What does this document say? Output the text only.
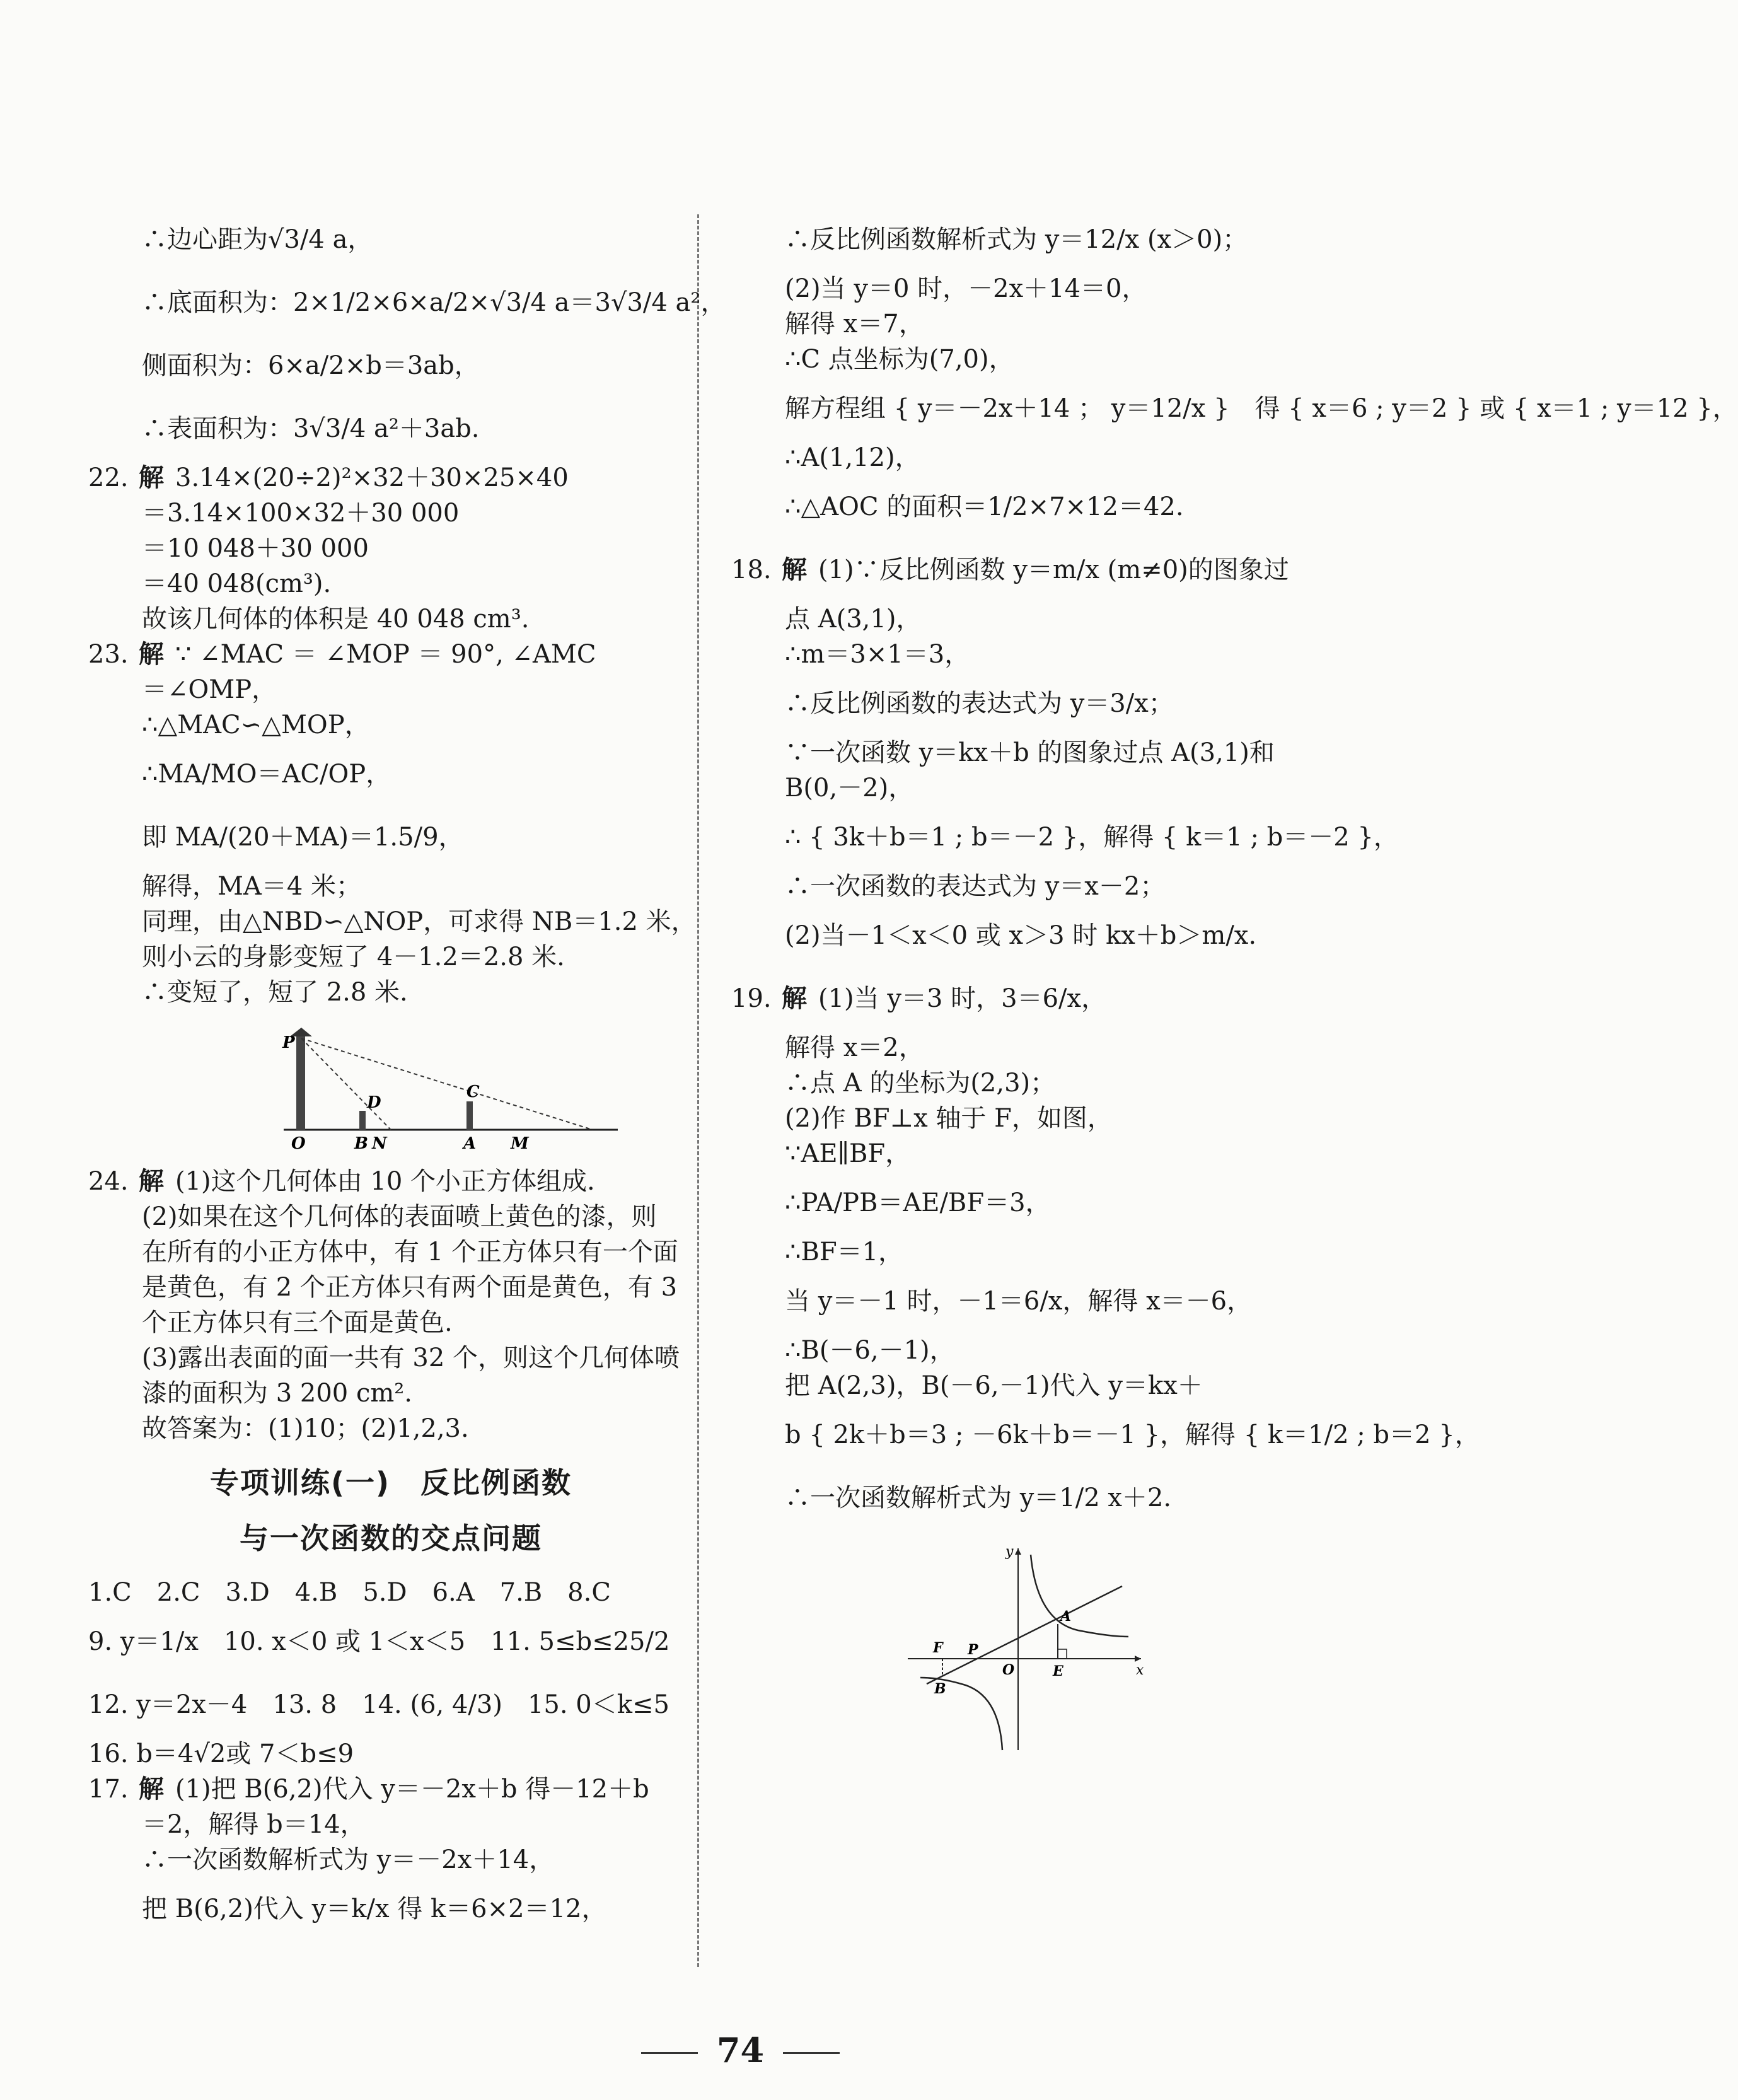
∴边心距为√3/4 a，
∴底面积为：2×1/2×6×a/2×√3/4 a＝3√3/4 a²，
侧面积为：6×a/2×b＝3ab，
∴表面积为：3√3/4 a²＋3ab.
22. 解 3.14×(20÷2)²×32＋30×25×40
＝3.14×100×32＋30 000
＝10 048＋30 000
＝40 048(cm³).
故该几何体的体积是 40 048 cm³.
23. 解 ∵ ∠MAC ＝ ∠MOP ＝ 90°, ∠AMC
＝∠OMP，
∴△MAC∽△MOP，
∴MA/MO＝AC/OP，
即 MA/(20＋MA)＝1.5/9，
解得，MA＝4 米；
同理，由△NBD∽△NOP，可求得 NB＝1.2 米，
则小云的身影变短了 4－1.2＝2.8 米.
∴变短了，短了 2.8 米.
P
D
C
O	B N	A M
24. 解 (1)这个几何体由 10 个小正方体组成.
(2)如果在这个几何体的表面喷上黄色的漆，则
在所有的小正方体中，有 1 个正方体只有一个面
是黄色，有 2 个正方体只有两个面是黄色，有 3
个正方体只有三个面是黄色.
(3)露出表面的面一共有 32 个，则这个几何体喷
漆的面积为 3 200 cm².
故答案为：(1)10；(2)1,2,3.
专项训练(一)　反比例函数
与一次函数的交点问题
1.C　2.C　3.D　4.B　5.D　6.A　7.B　8.C
9. y＝1/x　10. x＜0 或 1＜x＜5　11. 5≤b≤25/2
12. y＝2x－4　13. 8　14. (6, 4/3)　15. 0＜k≤5
16. b＝4√2或 7＜b≤9
17. 解 (1)把 B(6,2)代入 y＝－2x＋b 得－12＋b
＝2，解得 b＝14，
∴一次函数解析式为 y＝－2x＋14，
把 B(6,2)代入 y＝k/x 得 k＝6×2＝12，
∴反比例函数解析式为 y＝12/x (x＞0)；
(2)当 y＝0 时，－2x＋14＝0，
解得 x＝7，
∴C 点坐标为(7,0)，
解方程组 { y＝－2x＋14 ； y＝12/x }　得 { x＝6 ; y＝2 } 或 { x＝1 ; y＝12 }，
∴A(1,12)，
∴△AOC 的面积＝1/2×7×12＝42.
18. 解 (1)∵反比例函数 y＝m/x (m≠0)的图象过
点 A(3,1)，
∴m＝3×1＝3，
∴反比例函数的表达式为 y＝3/x；
∵一次函数 y＝kx＋b 的图象过点 A(3,1)和
B(0,－2)，
∴ { 3k＋b＝1 ; b＝－2 }，解得 { k＝1 ; b＝－2 }，
∴一次函数的表达式为 y＝x－2；
(2)当－1＜x＜0 或 x＞3 时 kx＋b＞m/x.
19. 解 (1)当 y＝3 时，3＝6/x，
解得 x＝2，
∴点 A 的坐标为(2,3)；
(2)作 BF⊥x 轴于 F，如图，
∵AE∥BF，
∴PA/PB＝AE/BF＝3，
∴BF＝1，
当 y＝－1 时，－1＝6/x，解得 x＝－6，
∴B(－6,－1)，
把 A(2,3)，B(－6,－1)代入 y＝kx＋
b { 2k＋b＝3 ; －6k＋b＝－1 }，解得 { k＝1/2 ; b＝2 }，
∴一次函数解析式为 y＝1/2 x＋2.
y
A
F P
O	E	x
B
74
